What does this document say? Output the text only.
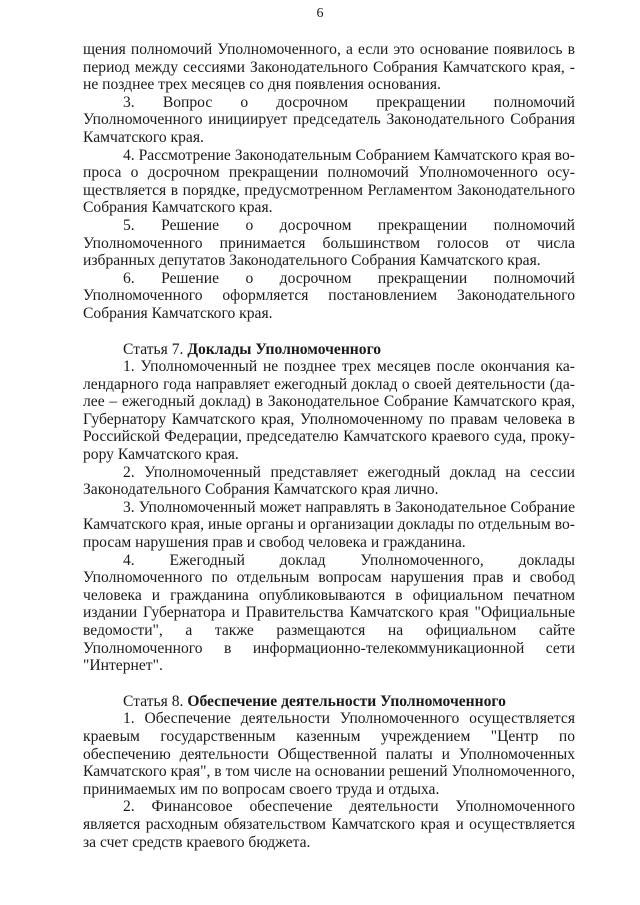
6

щения полномочий Уполномоченного, а если это основание появилось в период между сессиями Законодательного Собрания Камчатского края, - не позднее трех месяцев со дня появления основания.

3. Вопрос о досрочном прекращении полномочий Уполномоченного инициирует председатель Законодательного Собрания Камчатского края.

4. Рассмотрение Законодательным Собранием Камчатского края вопроса о досрочном прекращении полномочий Уполномоченного осуществляется в порядке, предусмотренном Регламентом Законодательного Собрания Камчатского края.

5. Решение о досрочном прекращении полномочий Уполномоченного принимается большинством голосов от числа избранных депутатов Законодательного Собрания Камчатского края.

6. Решение о досрочном прекращении полномочий Уполномоченного оформляется постановлением Законодательного Собрания Камчатского края.

Статья 7. Доклады Уполномоченного

1. Уполномоченный не позднее трех месяцев после окончания календарного года направляет ежегодный доклад о своей деятельности (далее – ежегодный доклад) в Законодательное Собрание Камчатского края, Губернатору Камчатского края, Уполномоченному по правам человека в Российской Федерации, председателю Камчатского краевого суда, прокурору Камчатского края.

2. Уполномоченный представляет ежегодный доклад на сессии Законодательного Собрания Камчатского края лично.

3. Уполномоченный может направлять в Законодательное Собрание Камчатского края, иные органы и организации доклады по отдельным вопросам нарушения прав и свобод человека и гражданина.

4. Ежегодный доклад Уполномоченного, доклады Уполномоченного по отдельным вопросам нарушения прав и свобод человека и гражданина опубликовываются в официальном печатном издании Губернатора и Правительства Камчатского края "Официальные ведомости", а также размещаются на официальном сайте Уполномоченного в информационно-телекоммуникационной сети "Интернет".

Статья 8. Обеспечение деятельности Уполномоченного

1. Обеспечение деятельности Уполномоченного осуществляется краевым государственным казенным учреждением "Центр по обеспечению деятельности Общественной палаты и Уполномоченных Камчатского края", в том числе на основании решений Уполномоченного, принимаемых им по вопросам своего труда и отдыха.

2. Финансовое обеспечение деятельности Уполномоченного является расходным обязательством Камчатского края и осуществляется за счет средств краевого бюджета.
